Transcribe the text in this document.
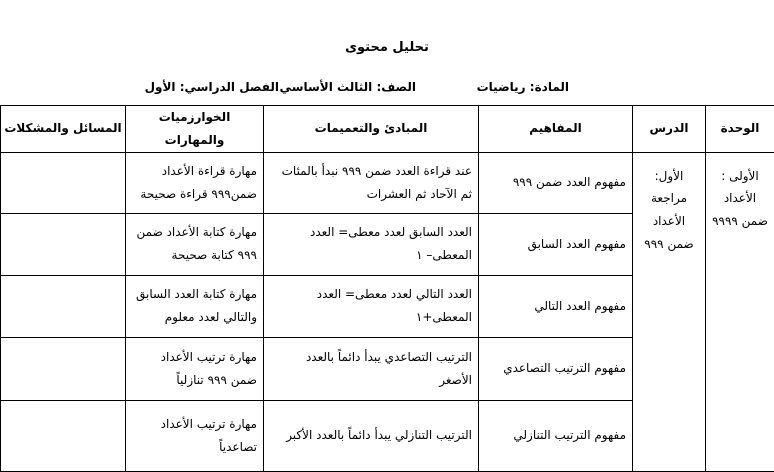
تحليل محتوى
المادة: رياضيات
الصف: الثالث الأساسي
الفصل الدراسي: الأول
الوحدة	الدرس	المفاهيم	المبادئ والتعميمات	الخوارزميات والمهارات	المسائل والمشكلات
الأولى : الأعداد ضمن ٩٩٩٩	الأول: مراجعة الأعداد ضمن ٩٩٩	مفهوم العدد ضمن ٩٩٩	عند قراءة العدد ضمن ٩٩٩ نبدأ بالمئات ثم الآحاد ثم العشرات	مهارة قراءة الأعداد ضمن٩٩٩ قراءة صحيحة	
		مفهوم العدد السابق	العدد السابق لعدد معطى= العدد المعطى– ١	مهارة كتابة الأعداد ضمن ٩٩٩ كتابة صحيحة	
		مفهوم العدد التالي	العدد التالي لعدد معطى= العدد المعطى+١	مهارة كتابة العدد السابق والتالي لعدد معلوم	
		مفهوم الترتيب التصاعدي	الترتيب التصاعدي يبدأ دائماً بالعدد الأصغر	مهارة ترتيب الأعداد ضمن ٩٩٩ تنازلياً	
		مفهوم الترتيب التنازلي	الترتيب التنازلي يبدأ دائماً بالعدد الأكبر	مهارة ترتيب الأعداد تصاعدياً	
